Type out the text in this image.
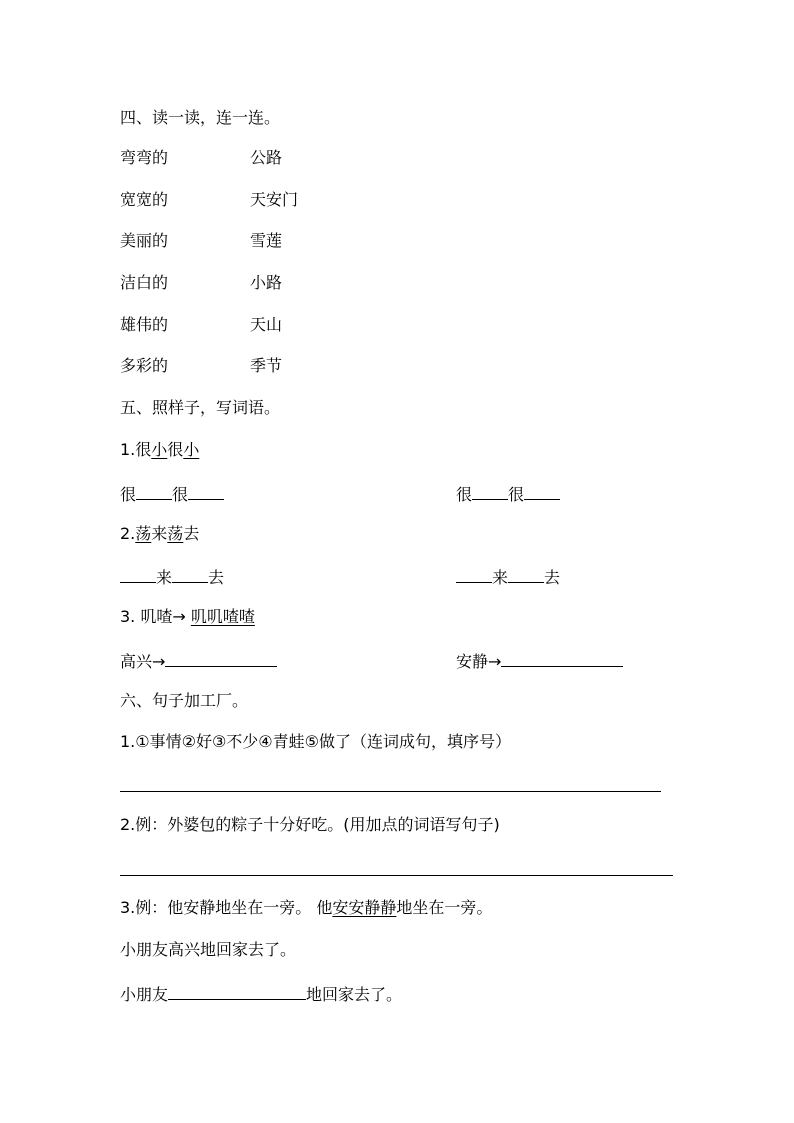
四、读一读，连一连。
弯弯的	公路
宽宽的	天安门
美丽的	雪莲
洁白的	小路
雄伟的	天山
多彩的	季节
五、照样子，写词语。
1.很小很小
很 很	很 很
2.荡来荡去
来 去	来 去
3. 叽喳→ 叽叽喳喳
高兴→	安静→
六、句子加工厂。
1.①事情②好③不少④青蛙⑤做了（连词成句，填序号）
2.例：外婆包的粽子十分好吃。(用加点的词语写句子)
3.例：他安静地坐在一旁。 他安安静静地坐在一旁。
小朋友高兴地回家去了。
小朋友	地回家去了。
